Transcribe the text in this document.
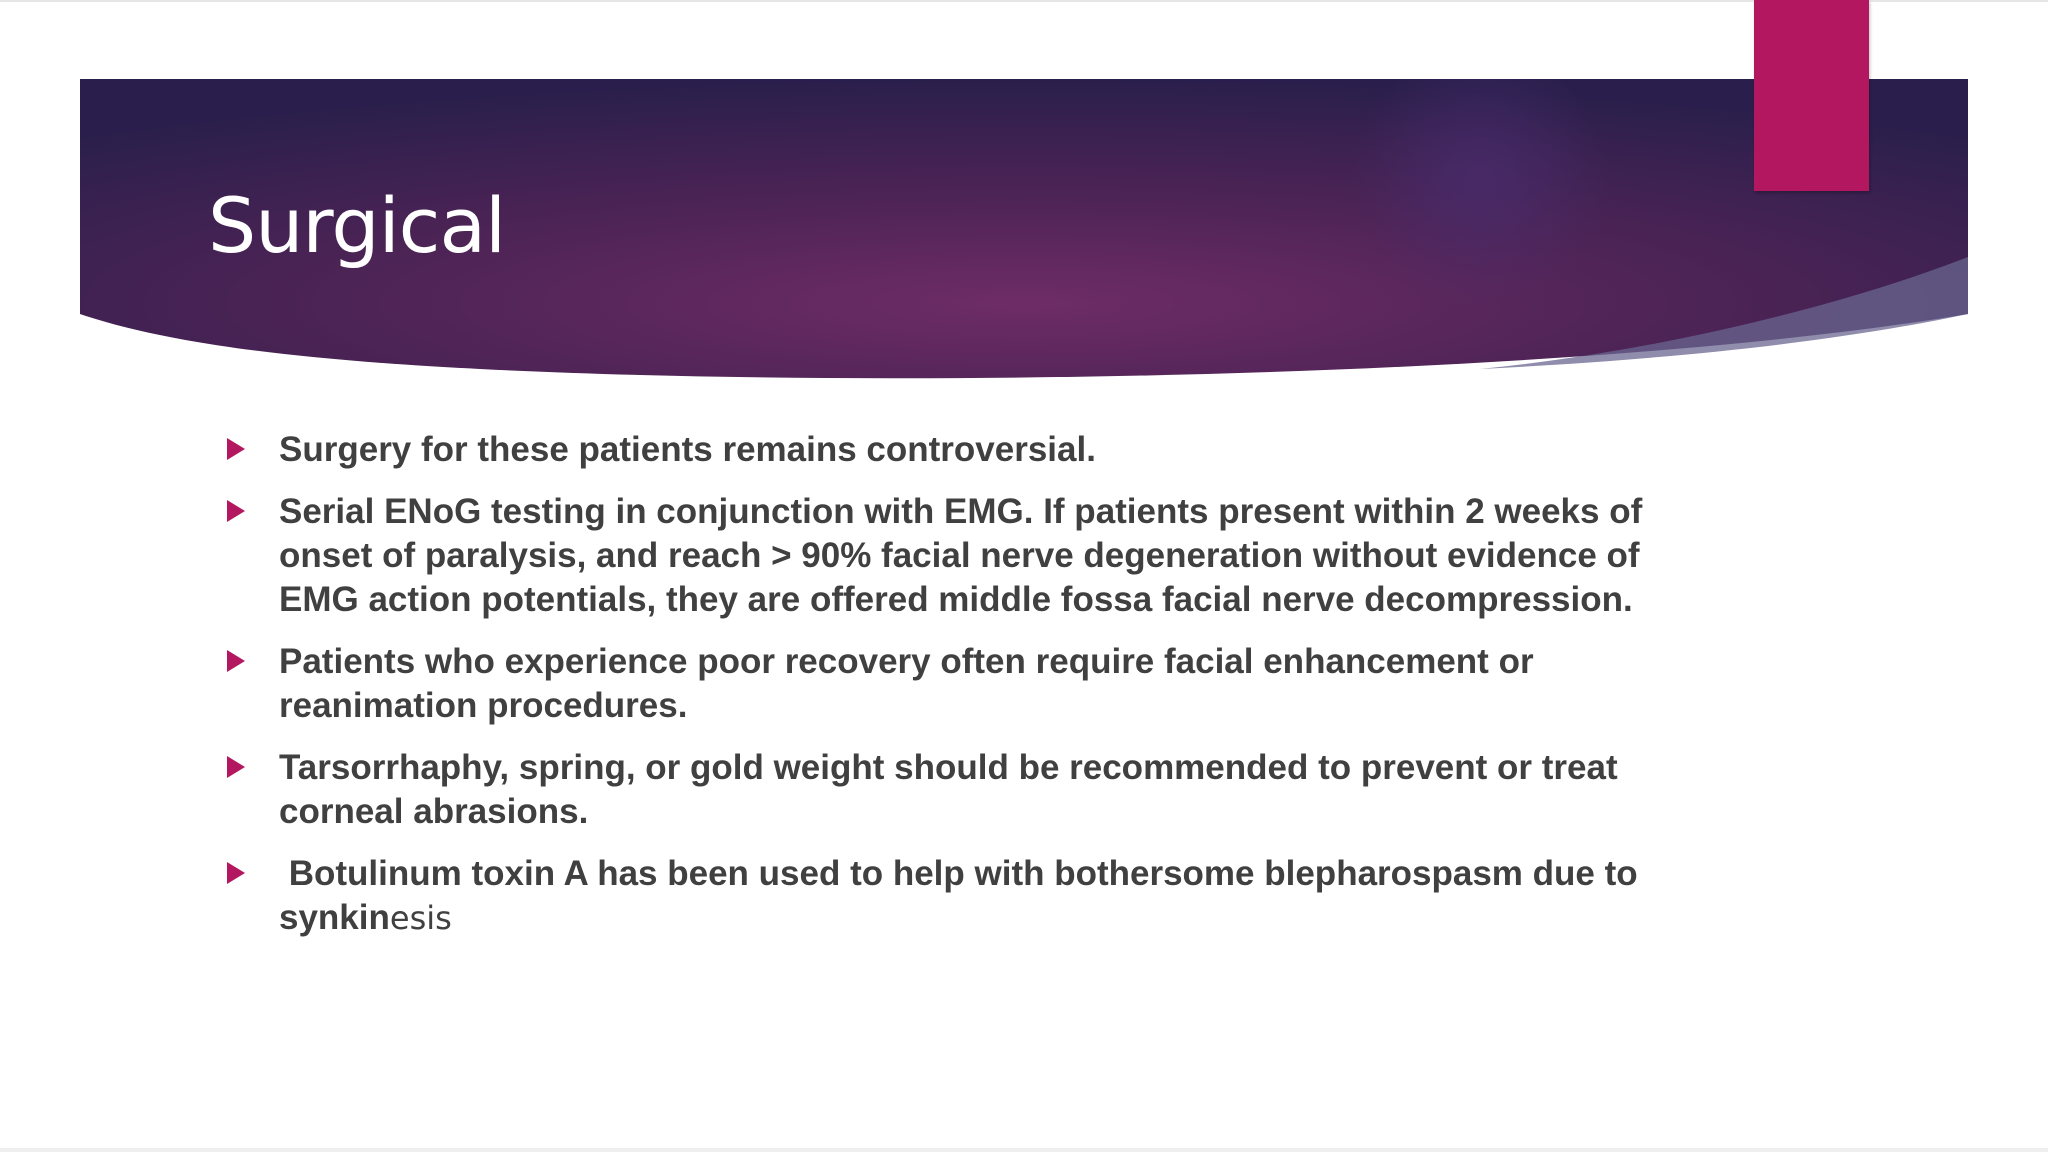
Surgical
Surgery for these patients remains controversial.
Serial ENoG testing in conjunction with EMG. If patients present within 2 weeks of onset of paralysis, and reach > 90% facial nerve degeneration without evidence of EMG action potentials, they are offered middle fossa facial nerve decompression.
Patients who experience poor recovery often require facial enhancement or reanimation procedures.
Tarsorrhaphy, spring, or gold weight should be recommended to prevent or treat corneal abrasions.
Botulinum toxin A has been used to help with bothersome blepharospasm due to synkinesis
